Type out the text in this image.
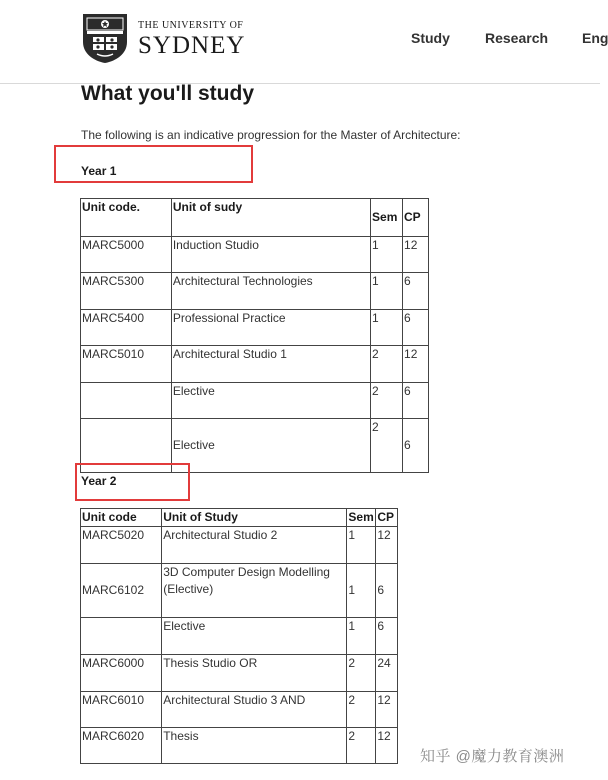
THE UNIVERSITY OF
SYDNEY	Study	Research Eng
What you'll study

The following is an indicative progression for the Master of Architecture:

Year 1
Unit code.	Unit of sudy	Sem	CP
MARC5000	Induction Studio	1	12
MARC5300	Architectural Technologies	1	6
MARC5400	Professional Practice	1	6
MARC5010	Architectural Studio 1	2	12
	Elective	2	6
	Elective	2	6
Year 2
Unit code	Unit of Study	Sem	CP
MARC5020	Architectural Studio 2	1	12
MARC6102	3D Computer Design Modelling (Elective)	1	6
	Elective	1	6
MARC6000	Thesis Studio OR	2	24
MARC6010	Architectural Studio 3 AND	2	12
MARC6020	Thesis	2	12
知乎 @魔力教育澳洲
